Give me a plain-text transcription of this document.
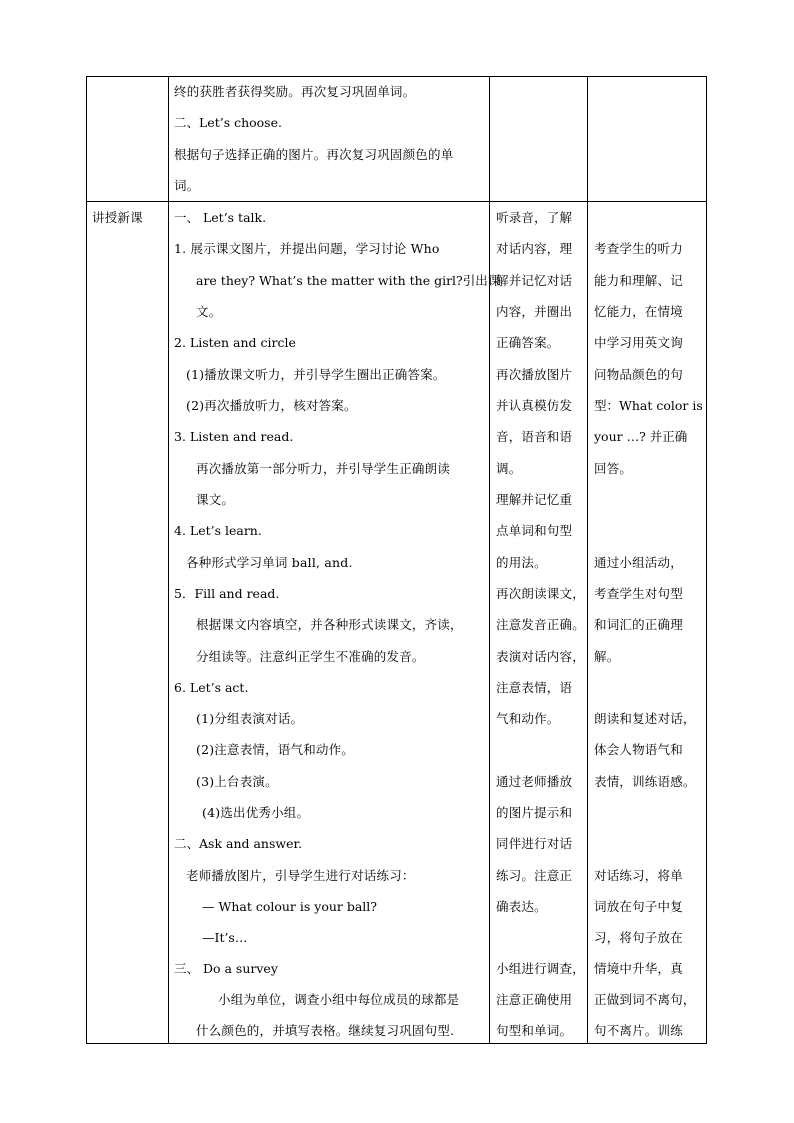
终的获胜者获得奖励。再次复习巩固单词。
二、Let’s choose.
根据句子选择正确的图片。再次复习巩固颜色的单
词。
讲授新课 一、 Let’s talk.
1. 展示课文图片，并提出问题，学习讨论 Who
are they? What’s the matter with the girl?引出课
文。
2. Listen and circle
(1)播放课文听力，并引导学生圈出正确答案。
(2)再次播放听力，核对答案。
3. Listen and read.
再次播放第一部分听力，并引导学生正确朗读
课文。
4. Let’s learn.
各种形式学习单词 ball, and.
5．Fill and read.
根据课文内容填空，并各种形式读课文，齐读，
分组读等。注意纠正学生不准确的发音。
6. Let’s act.
(1)分组表演对话。
(2)注意表情，语气和动作。
(3)上台表演。
(4)选出优秀小组。
二、Ask and answer.
老师播放图片，引导学生进行对话练习：
— What colour is your ball?
—It’s…
三、 Do a survey
小组为单位，调查小组中每位成员的球都是
什么颜色的，并填写表格。继续复习巩固句型.
听录音，了解
对话内容，理
解并记忆对话
内容，并圈出
正确答案。
再次播放图片
并认真模仿发
音，语音和语
调。
理解并记忆重
点单词和句型
的用法。
再次朗读课文，
注意发音正确。
表演对话内容，
注意表情，语
气和动作。
通过老师播放
的图片提示和
同伴进行对话
练习。注意正
确表达。
小组进行调查，
注意正确使用
句型和单词。
考查学生的听力
能力和理解、记
忆能力，在情境
中学习用英文询
问物品颜色的句
型：What color is
your …? 并正确
回答。
通过小组活动，
考查学生对句型
和词汇的正确理
解。
朗读和复述对话，
体会人物语气和
表情，训练语感。
对话练习，将单
词放在句子中复
习，将句子放在
情境中升华，真
正做到词不离句，
句不离片。训练
